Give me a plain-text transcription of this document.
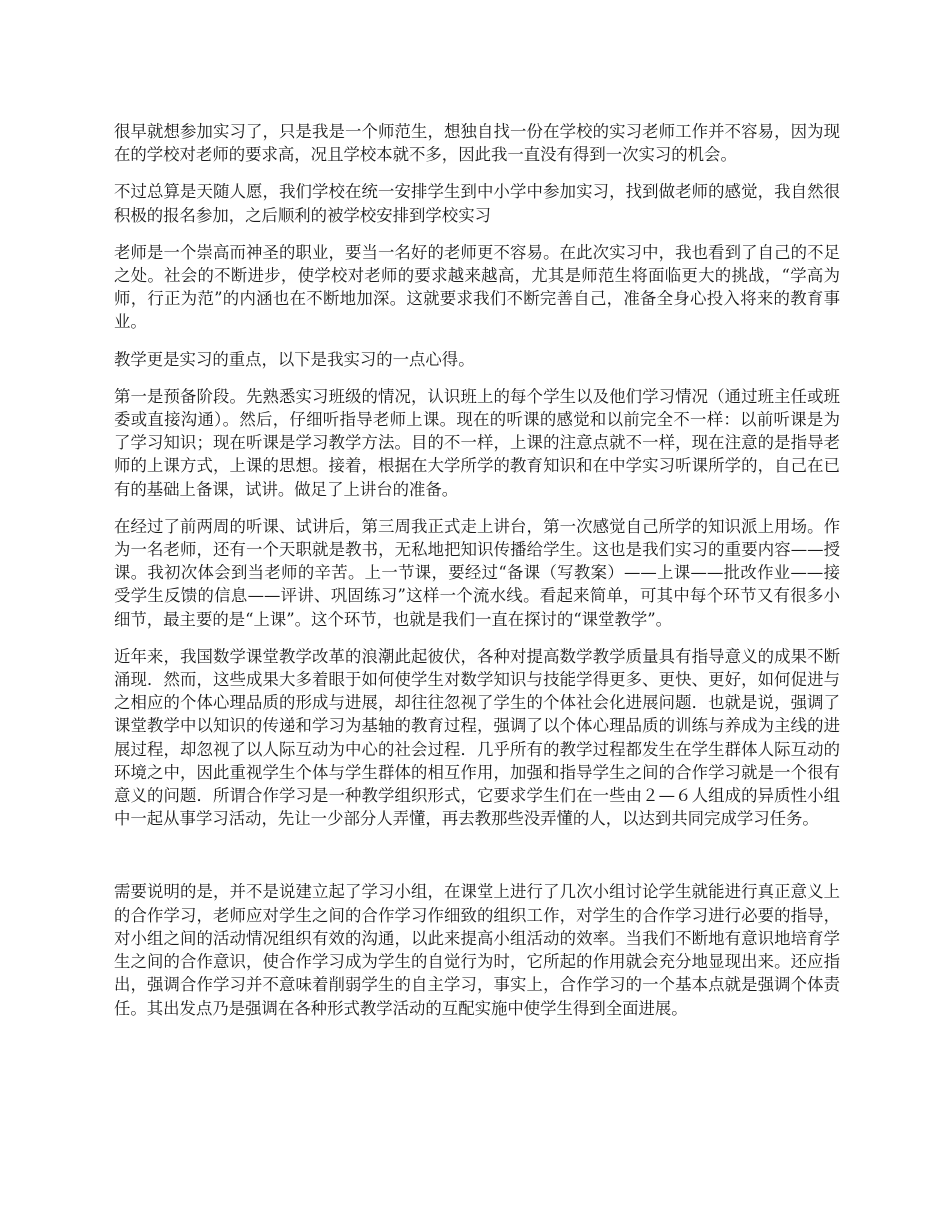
很早就想参加实习了，只是我是一个师范生，想独自找一份在学校的实习老师工作并不容易，因为现在的学校对老师的要求高，况且学校本就不多，因此我一直没有得到一次实习的机会。

不过总算是天随人愿，我们学校在统一安排学生到中小学中参加实习，找到做老师的感觉，我自然很积极的报名参加，之后顺利的被学校安排到学校实习

老师是一个崇高而神圣的职业，要当一名好的老师更不容易。在此次实习中，我也看到了自己的不足之处。社会的不断进步，使学校对老师的要求越来越高，尤其是师范生将面临更大的挑战，“学高为师，行正为范”的内涵也在不断地加深。这就要求我们不断完善自己，准备全身心投入将来的教育事业。

教学更是实习的重点，以下是我实习的一点心得。

第一是预备阶段。先熟悉实习班级的情况，认识班上的每个学生以及他们学习情况（通过班主任或班委或直接沟通）。然后，仔细听指导老师上课。现在的听课的感觉和以前完全不一样：以前听课是为了学习知识；现在听课是学习教学方法。目的不一样，上课的注意点就不一样，现在注意的是指导老师的上课方式，上课的思想。接着，根据在大学所学的教育知识和在中学实习听课所学的，自己在已有的基础上备课，试讲。做足了上讲台的准备。

在经过了前两周的听课、试讲后，第三周我正式走上讲台，第一次感觉自己所学的知识派上用场。作为一名老师，还有一个天职就是教书，无私地把知识传播给学生。这也是我们实习的重要内容——授课。我初次体会到当老师的辛苦。上一节课，要经过“备课（写教案）——上课——批改作业——接受学生反馈的信息——评讲、巩固练习”这样一个流水线。看起来简单，可其中每个环节又有很多小细节，最主要的是“上课”。这个环节，也就是我们一直在探讨的“课堂教学”。

近年来，我国数学课堂教学改革的浪潮此起彼伏，各种对提高数学教学质量具有指导意义的成果不断涌现．然而，这些成果大多着眼于如何使学生对数学知识与技能学得更多、更快、更好，如何促进与之相应的个体心理品质的形成与进展，却往往忽视了学生的个体社会化进展问题．也就是说，强调了课堂教学中以知识的传递和学习为基轴的教育过程，强调了以个体心理品质的训练与养成为主线的进展过程，却忽视了以人际互动为中心的社会过程．几乎所有的教学过程都发生在学生群体人际互动的环境之中，因此重视学生个体与学生群体的相互作用，加强和指导学生之间的合作学习就是一个很有意义的问题．所谓合作学习是一种教学组织形式，它要求学生们在一些由２—６人组成的异质性小组中一起从事学习活动，先让一少部分人弄懂，再去教那些没弄懂的人，以达到共同完成学习任务。

需要说明的是，并不是说建立起了学习小组，在课堂上进行了几次小组讨论学生就能进行真正意义上的合作学习，老师应对学生之间的合作学习作细致的组织工作，对学生的合作学习进行必要的指导，对小组之间的活动情况组织有效的沟通，以此来提高小组活动的效率。当我们不断地有意识地培育学生之间的合作意识，使合作学习成为学生的自觉行为时，它所起的作用就会充分地显现出来。还应指出，强调合作学习并不意味着削弱学生的自主学习，事实上，合作学习的一个基本点就是强调个体责任。其出发点乃是强调在各种形式教学活动的互配实施中使学生得到全面进展。
